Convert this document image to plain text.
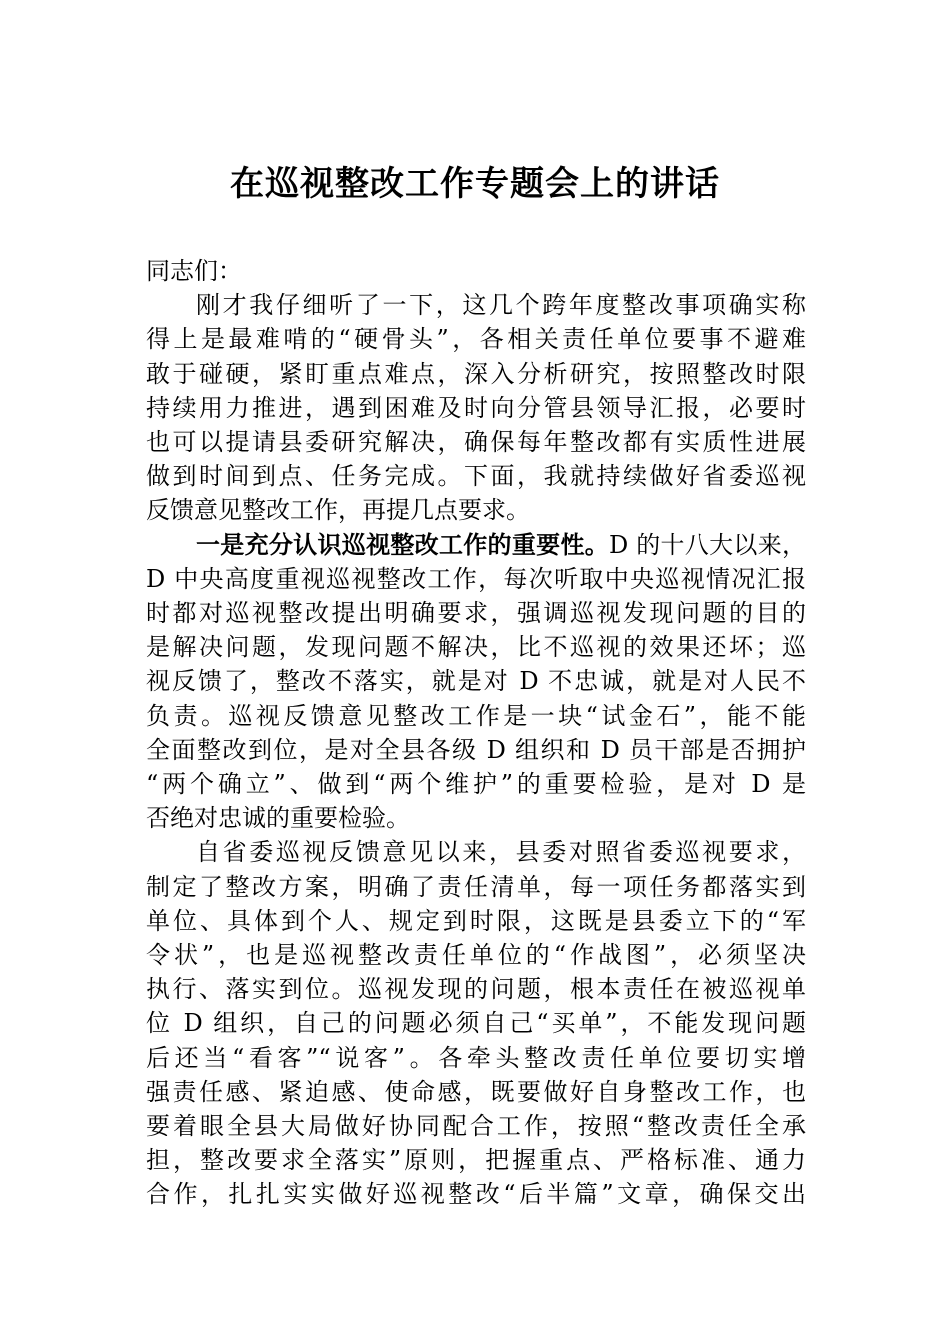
在巡视整改工作专题会上的讲话
同志们：
刚才我仔细听了一下，这几个跨年度整改事项确实称
得上是最难啃的“硬骨头”，各相关责任单位要事不避难
敢于碰硬，紧盯重点难点，深入分析研究，按照整改时限
持续用力推进，遇到困难及时向分管县领导汇报，必要时
也可以提请县委研究解决，确保每年整改都有实质性进展
做到时间到点、任务完成。下面，我就持续做好省委巡视
反馈意见整改工作，再提几点要求。
一是充分认识巡视整改工作的重要性。D 的十八大以来，
D 中央高度重视巡视整改工作，每次听取中央巡视情况汇报
时都对巡视整改提出明确要求，强调巡视发现问题的目的
是解决问题，发现问题不解决，比不巡视的效果还坏；巡
视反馈了，整改不落实，就是对 D 不忠诚，就是对人民不
负责。巡视反馈意见整改工作是一块“试金石”，能不能
全面整改到位，是对全县各级 D 组织和 D 员干部是否拥护
“两个确立”、做到“两个维护”的重要检验，是对 D 是
否绝对忠诚的重要检验。
自省委巡视反馈意见以来，县委对照省委巡视要求，
制定了整改方案，明确了责任清单，每一项任务都落实到
单位、具体到个人、规定到时限，这既是县委立下的“军
令状”，也是巡视整改责任单位的“作战图”，必须坚决
执行、落实到位。巡视发现的问题，根本责任在被巡视单
位 D 组织，自己的问题必须自己“买单”，不能发现问题
后还当“看客”“说客”。各牵头整改责任单位要切实增
强责任感、紧迫感、使命感，既要做好自身整改工作，也
要着眼全县大局做好协同配合工作，按照“整改责任全承
担，整改要求全落实”原则，把握重点、严格标准、通力
合作，扎扎实实做好巡视整改“后半篇”文章，确保交出
